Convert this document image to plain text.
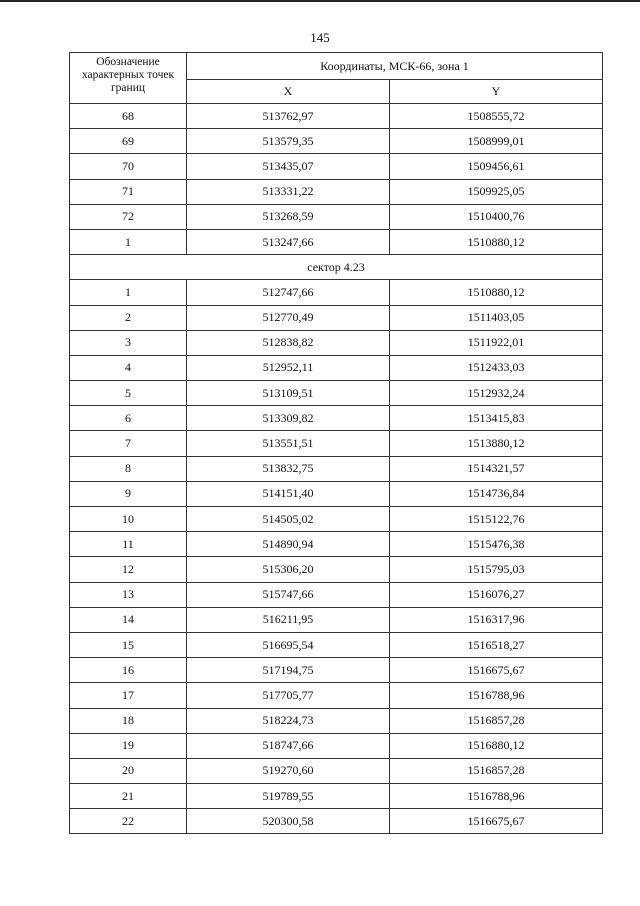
145
Обозначение характерных точек границ	Координаты, МСК-66, зона 1	
	X	Y
68	513762,97	1508555,72
69	513579,35	1508999,01
70	513435,07	1509456,61
71	513331,22	1509925,05
72	513268,59	1510400,76
1	513247,66	1510880,12
сектор 4.23		
1	512747,66	1510880,12
2	512770,49	1511403,05
3	512838,82	1511922,01
4	512952,11	1512433,03
5	513109,51	1512932,24
6	513309,82	1513415,83
7	513551,51	1513880,12
8	513832,75	1514321,57
9	514151,40	1514736,84
10	514505,02	1515122,76
11	514890,94	1515476,38
12	515306,20	1515795,03
13	515747,66	1516076,27
14	516211,95	1516317,96
15	516695,54	1516518,27
16	517194,75	1516675,67
17	517705,77	1516788,96
18	518224,73	1516857,28
19	518747,66	1516880,12
20	519270,60	1516857,28
21	519789,55	1516788,96
22	520300,58	1516675,67
